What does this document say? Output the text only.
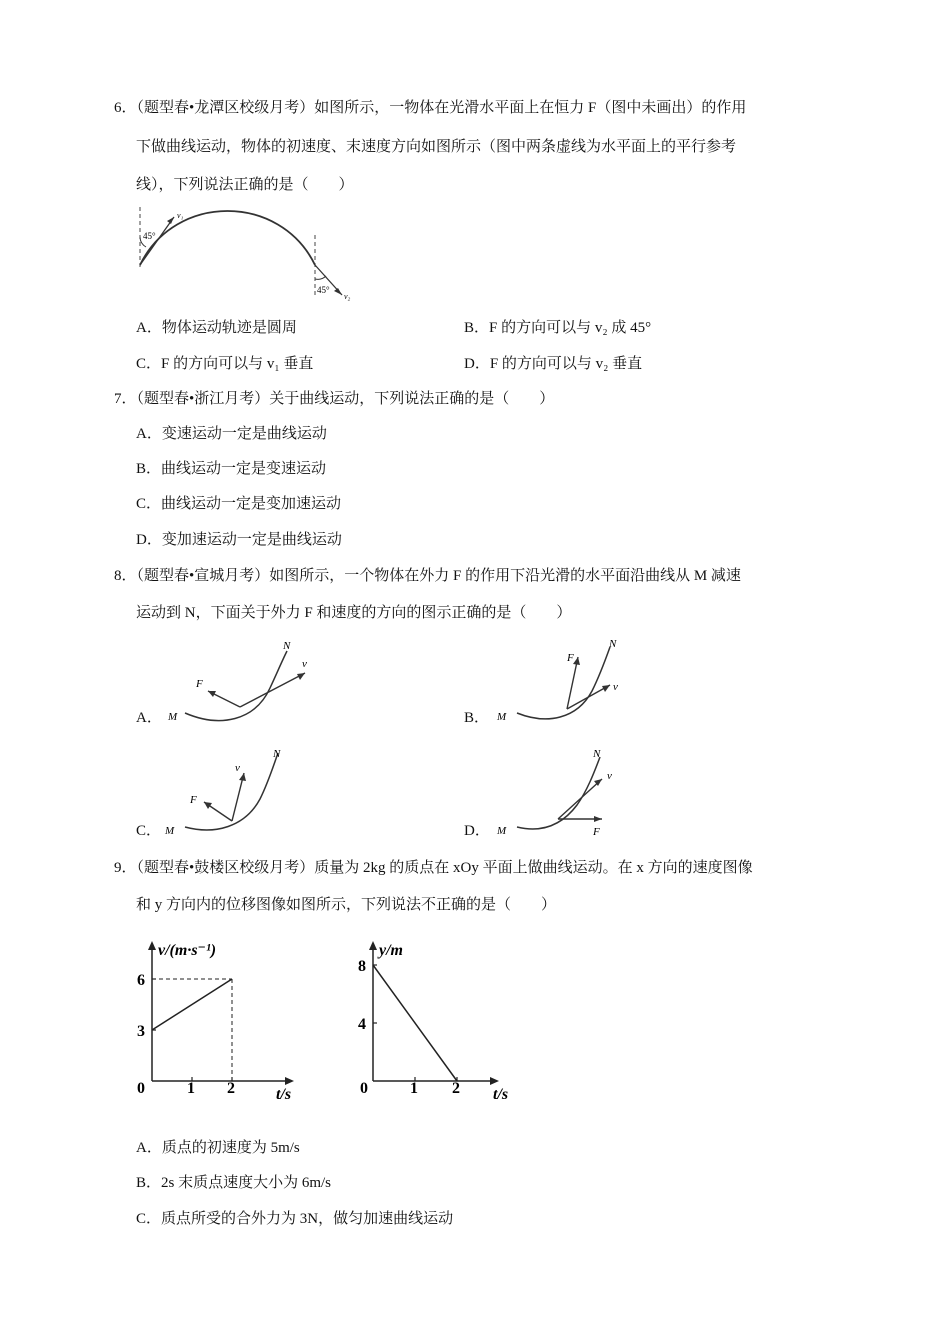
6．（题型春•龙潭区校级月考）如图所示，一物体在光滑水平面上在恒力 F（图中未画出）的作用
下做曲线运动，物体的初速度、末速度方向如图所示（图中两条虚线为水平面上的平行参考
线），下列说法正确的是（　　）
v₁
45°
v₂
45°
A．物体运动轨迹是圆周	B．F 的方向可以与 v₂ 成 45°
C．F 的方向可以与 v₁ 垂直	D．F 的方向可以与 v₂ 垂直
7．（题型春•浙江月考）关于曲线运动，下列说法正确的是（　　）
A．变速运动一定是曲线运动
B．曲线运动一定是变速运动
C．曲线运动一定是变加速运动
D．变加速运动一定是曲线运动
8．（题型春•宣城月考）如图所示，一个物体在外力 F 的作用下沿光滑的水平面沿曲线从 M 减速
运动到 N，下面关于外力 F 和速度的方向的图示正确的是（　　）
A． M
N
F
v
B． M
N
F
v
C． M
N
F
v
D． M
N
F
v
9．（题型春•鼓楼区校级月考）质量为 2kg 的质点在 xOy 平面上做曲线运动。在 x 方向的速度图像
和 y 方向内的位移图像如图所示，下列说法不正确的是（　　）
v/(m·s⁻¹)
t/s
0	1 2
3
6
y/m
t/s
0	1 2
4
8
A．质点的初速度为 5m/s
B．2s 末质点速度大小为 6m/s
C．质点所受的合外力为 3N，做匀加速曲线运动
